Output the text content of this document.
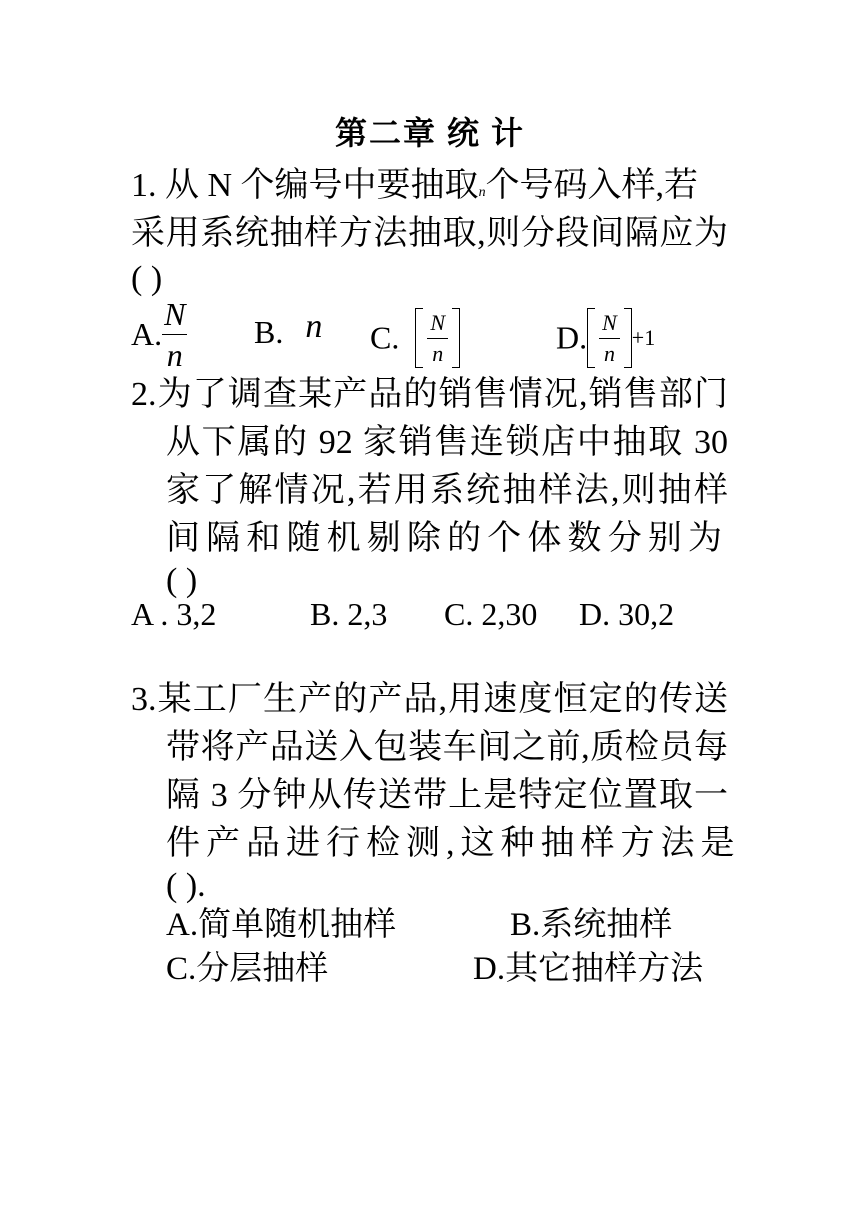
第二章 统 计
1. 从 N 个编号中要抽取n个号码入样,若
采用系统抽样方法抽取,则分段间隔应为
( )
A. $\frac{N}{n} B$. n C. $\frac{N}{n}$	D. $\frac{N}{n} +1$
2.为了调查某产品的销售情况,销售部门
从下属的 92 家销售连锁店中抽取 30
家了解情况,若用系统抽样法,则抽样
间隔和随机剔除的个体数分别为
( )
A . 3,2	B. 2,3 C. 2,30 D. 30,2
3.某工厂生产的产品,用速度恒定的传送
带将产品送入包装车间之前,质检员每
隔 3 分钟从传送带上是特定位置取一
件产品进行检测,这种抽样方法是
( ).
A.简单随机抽样	B.系统抽样
C.分层抽样	D.其它抽样方法
